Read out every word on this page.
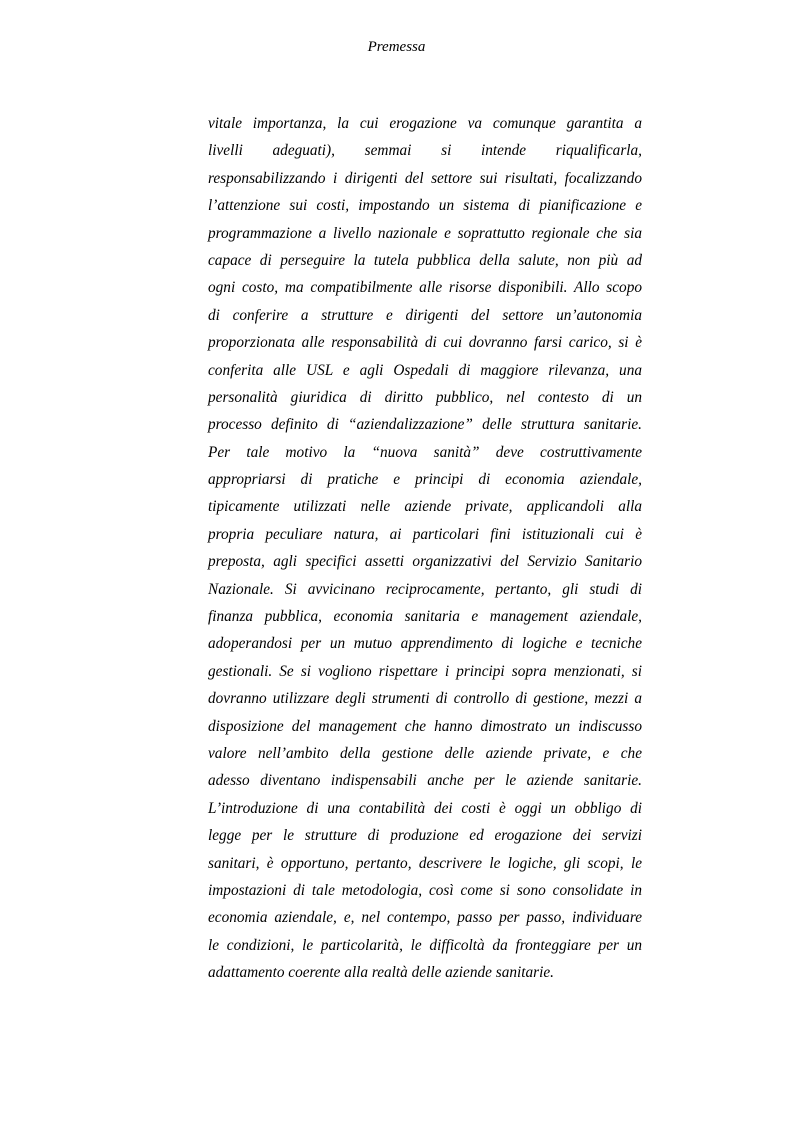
Premessa
vitale importanza, la cui erogazione va comunque garantita a
livelli adeguati), semmai si intende riqualificarla,
responsabilizzando i dirigenti del settore sui risultati, focalizzando
l’attenzione sui costi, impostando un sistema di pianificazione e
programmazione a livello nazionale e soprattutto regionale che sia
capace di perseguire la tutela pubblica della salute, non più ad
ogni costo, ma compatibilmente alle risorse disponibili. Allo scopo
di conferire a strutture e dirigenti del settore un’autonomia
proporzionata alle responsabilità di cui dovranno farsi carico, si è
conferita alle USL e agli Ospedali di maggiore rilevanza, una
personalità giuridica di diritto pubblico, nel contesto di un
processo definito di “aziendalizzazione” delle struttura sanitarie.
Per tale motivo la “nuova sanità” deve costruttivamente
appropriarsi di pratiche e principi di economia aziendale,
tipicamente utilizzati nelle aziende private, applicandoli alla
propria peculiare natura, ai particolari fini istituzionali cui è
preposta, agli specifici assetti organizzativi del Servizio Sanitario
Nazionale. Si avvicinano reciprocamente, pertanto, gli studi di
finanza pubblica, economia sanitaria e management aziendale,
adoperandosi per un mutuo apprendimento di logiche e tecniche
gestionali. Se si vogliono rispettare i principi sopra menzionati, si
dovranno utilizzare degli strumenti di controllo di gestione, mezzi a
disposizione del management che hanno dimostrato un indiscusso
valore nell’ambito della gestione delle aziende private, e che
adesso diventano indispensabili anche per le aziende sanitarie.
L’introduzione di una contabilità dei costi è oggi un obbligo di
legge per le strutture di produzione ed erogazione dei servizi
sanitari, è opportuno, pertanto, descrivere le logiche, gli scopi, le
impostazioni di tale metodologia, così come si sono consolidate in
economia aziendale, e, nel contempo, passo per passo, individuare
le condizioni, le particolarità, le difficoltà da fronteggiare per un
adattamento coerente alla realtà delle aziende sanitarie.
